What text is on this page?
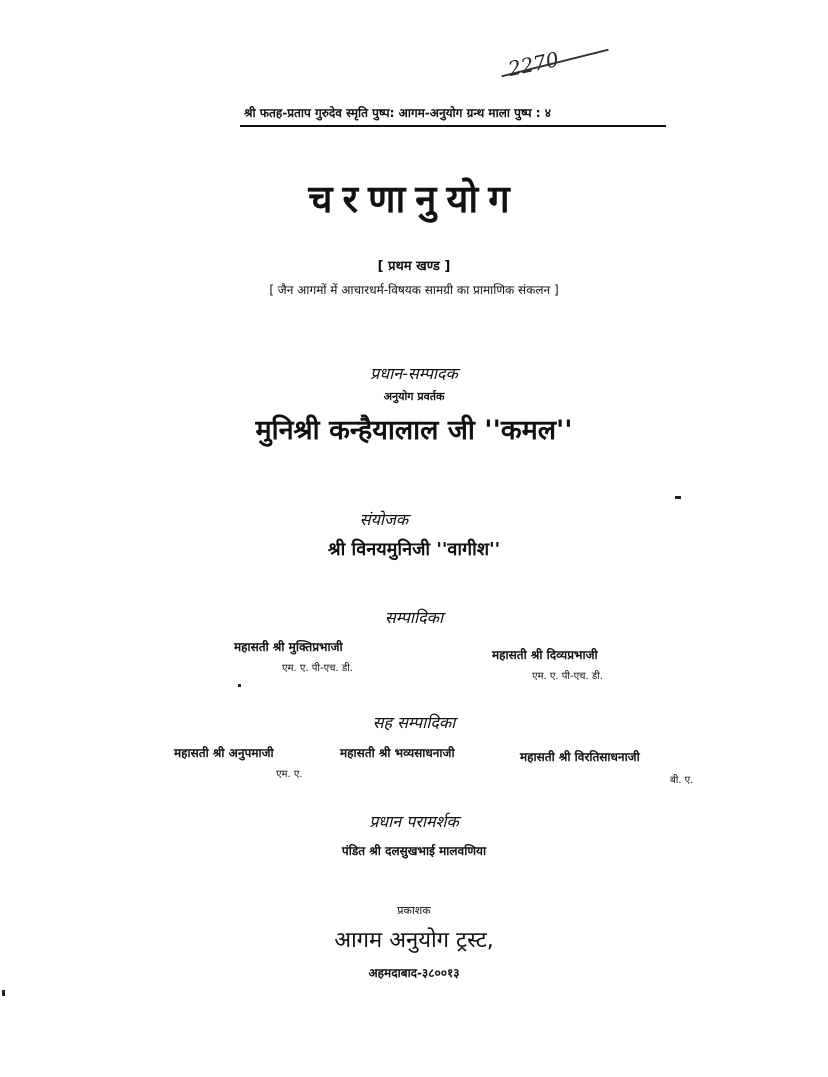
2270
श्री फतह-प्रताप गुरुदेव स्मृति पुष्प: आगम-अनुयोग ग्रन्थ माला पुष्प : ४
चरणानुयोग
[ प्रथम खण्ड ]
[ जैन आगमों में आचारधर्म-विषयक सामग्री का प्रामाणिक संकलन ]
प्रधान-सम्पादक
अनुयोग प्रवर्तक
मुनिश्री कन्हैयालाल जी ''कमल''
संयोजक
श्री विनयमुनिजी ''वागीश''
सम्पादिका
महासती श्री मुक्तिप्रभाजी
एम. ए. पी-एच. डी.
महासती श्री दिव्यप्रभाजी
एम. ए. पी-एच. डी.
सह सम्पादिका
महासती श्री अनुपमाजी
एम. ए.
महासती श्री भव्यसाधनाजी	महासती श्री विरतिसाधनाजी
बी. ए.
प्रधान परामर्शक
पंडित श्री दलसुखभाई मालवणिया
प्रकाशक
आगम अनुयोग ट्रस्ट,
अहमदाबाद-३८००१३
